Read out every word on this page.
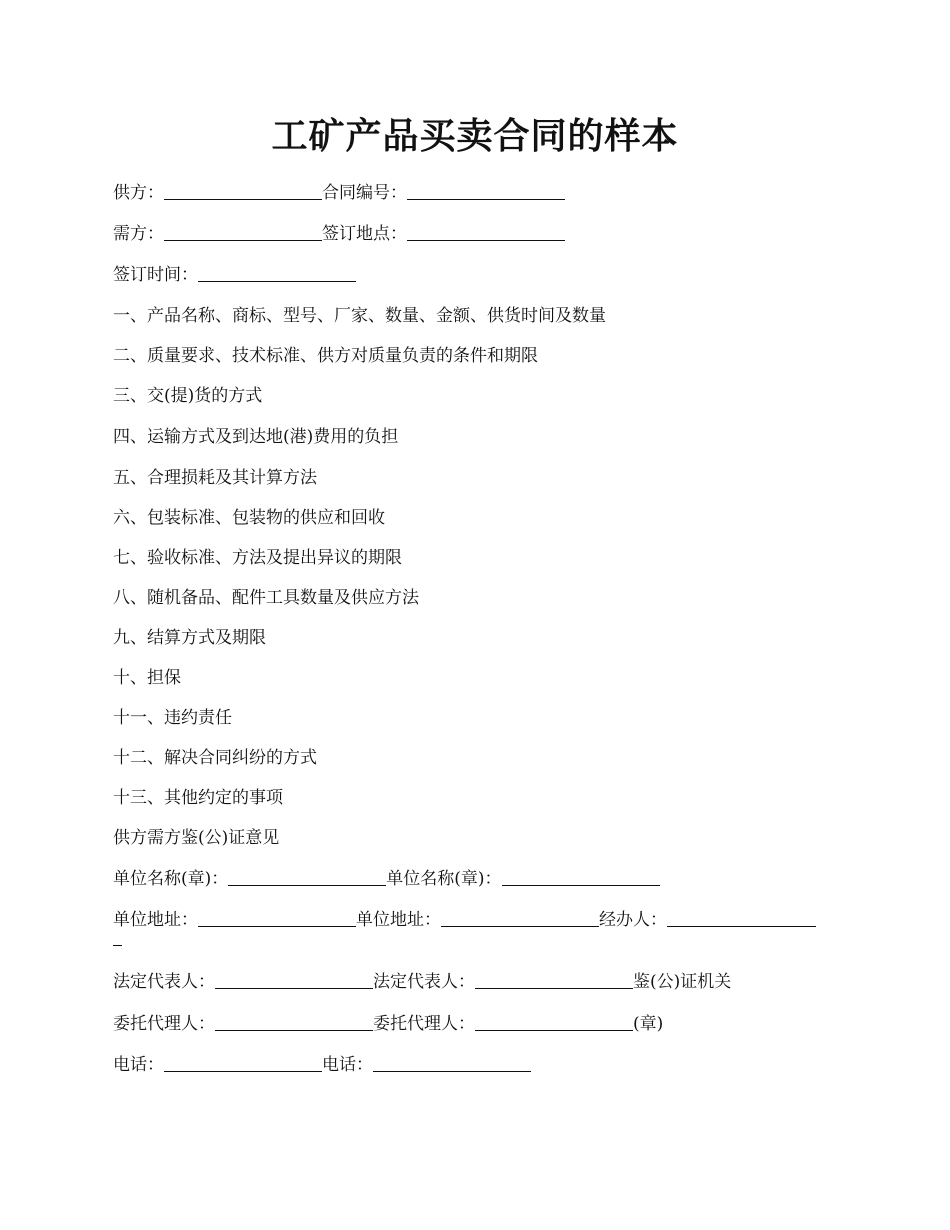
工矿产品买卖合同的样本
供方：	合同编号：
需方：	签订地点：
签订时间：
一、产品名称、商标、型号、厂家、数量、金额、供货时间及数量
二、质量要求、技术标准、供方对质量负责的条件和期限
三、交(提)货的方式
四、运输方式及到达地(港)费用的负担
五、合理损耗及其计算方法
六、包装标准、包装物的供应和回收
七、验收标准、方法及提出异议的期限
八、随机备品、配件工具数量及供应方法
九、结算方式及期限
十、担保
十一、违约责任
十二、解决合同纠纷的方式
十三、其他约定的事项
供方需方鉴(公)证意见
单位名称(章)：	单位名称(章)：
单位地址：	单位地址：	经办人：
法定代表人：	法定代表人：	鉴(公)证机关
委托代理人：	委托代理人：	(章)
电话：	电话：
